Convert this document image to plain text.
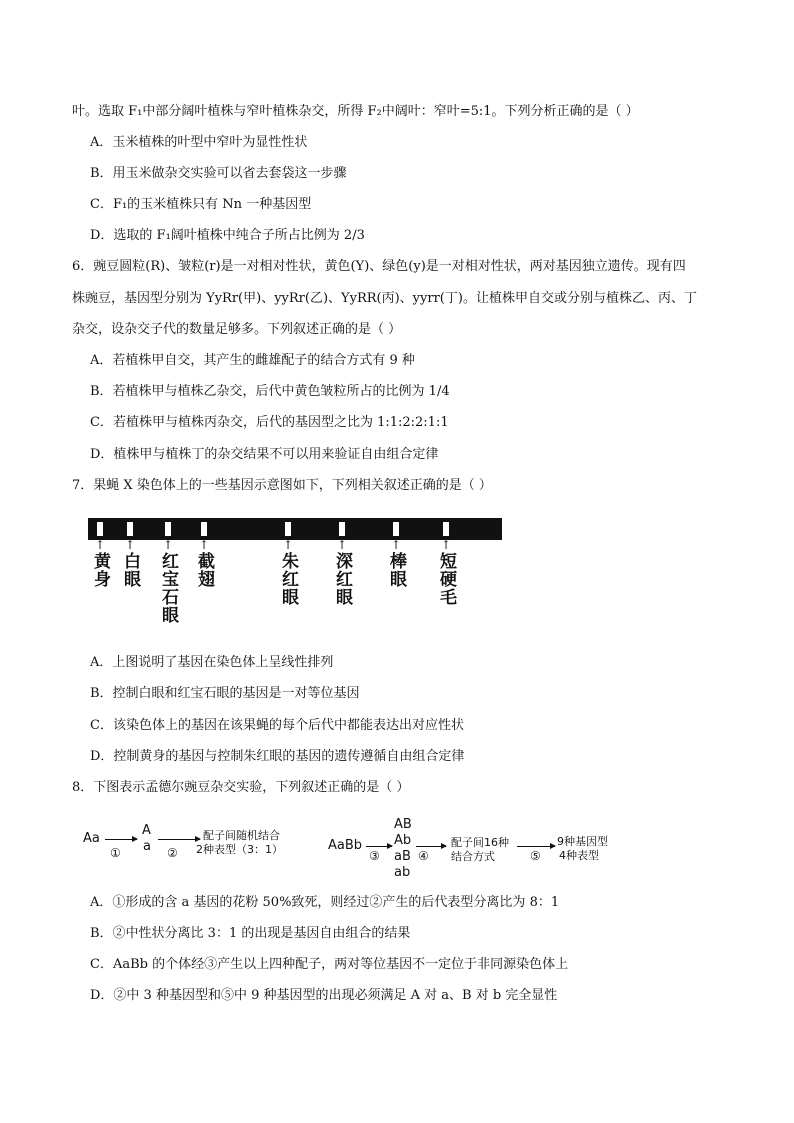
叶。选取 F₁中部分阔叶植株与窄叶植株杂交，所得 F₂中阔叶：窄叶=5:1。下列分析正确的是（ ）
A．玉米植株的叶型中窄叶为显性性状
B．用玉米做杂交实验可以省去套袋这一步骤
C．F₁的玉米植株只有 Nn 一种基因型
D．选取的 F₁阔叶植株中纯合子所占比例为 2/3
6．豌豆圆粒(R)、皱粒(r)是一对相对性状，黄色(Y)、绿色(y)是一对相对性状，两对基因独立遗传。现有四
株豌豆，基因型分别为 YyRr(甲)、yyRr(乙)、YyRR(丙)、yyrr(丁)。让植株甲自交或分别与植株乙、丙、丁
杂交，设杂交子代的数量足够多。下列叙述正确的是（ ）
A．若植株甲自交，其产生的雌雄配子的结合方式有 9 种
B．若植株甲与植株乙杂交，后代中黄色皱粒所占的比例为 1/4
C．若植株甲与植株丙杂交，后代的基因型之比为 1:1:2:2:1:1
D．植株甲与植株丁的杂交结果不可以用来验证自由组合定律
7．果蝇 X 染色体上的一些基因示意图如下，下列相关叙述正确的是（ ）
↑
黄身
↑
白眼
↑
红宝石眼
↑
截翅
↑
朱红眼
↑
深红眼
↑
棒眼
↑
短硬毛
A．上图说明了基因在染色体上呈线性排列
B．控制白眼和红宝石眼的基因是一对等位基因
C．该染色体上的基因在该果蝇的每个后代中都能表达出对应性状
D．控制黄身的基因与控制朱红眼的基因的遗传遵循自由组合定律
8．下图表示孟德尔豌豆杂交实验，下列叙述正确的是（ ）
Aa
①
A
a ②
配子间随机结合
2种表型（3：1）	AaBb
③
AB
Ab
aB
ab
④
配子间16种
结合方式	⑤
9种基因型
4种表型
A．①形成的含 a 基因的花粉 50%致死，则经过②产生的后代表型分离比为 8：1
B．②中性状分离比 3：1 的出现是基因自由组合的结果
C．AaBb 的个体经③产生以上四种配子，两对等位基因不一定位于非同源染色体上
D．②中 3 种基因型和⑤中 9 种基因型的出现必须满足 A 对 a、B 对 b 完全显性
